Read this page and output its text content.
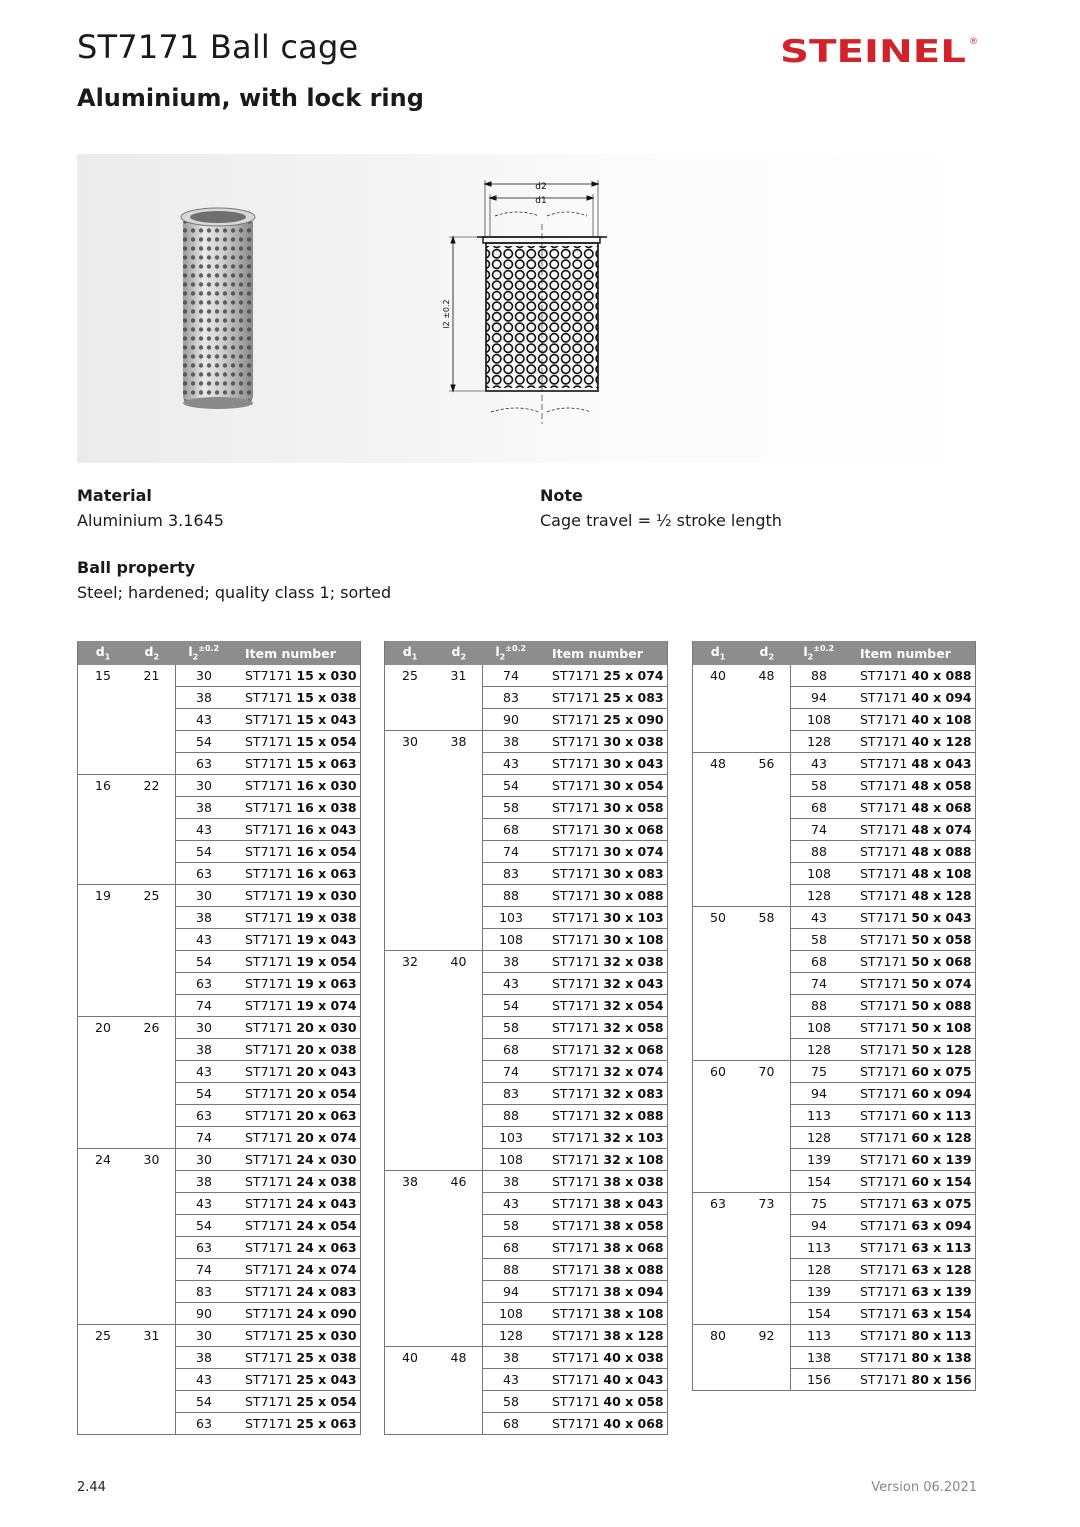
ST7171 Ball cage
Aluminium, with lock ring
STEINEL ®
d2
d1
l2 ±0.2

Material

Aluminium 3.1645

Ball property

Steel; hardened; quality class 1; sorted

Note

Cage travel = ½ stroke length

$d_1$	$d_2$	$l_2^{\pm 0.2}$	Item number
15	21	30	ST7171 15 x 030
		38	ST7171 15 x 038
		43	ST7171 15 x 043
		54	ST7171 15 x 054
		63	ST7171 15 x 063
16	22	30	ST7171 16 x 030
		38	ST7171 16 x 038
		43	ST7171 16 x 043
		54	ST7171 16 x 054
		63	ST7171 16 x 063
19	25	30	ST7171 19 x 030
		38	ST7171 19 x 038
		43	ST7171 19 x 043
		54	ST7171 19 x 054
		63	ST7171 19 x 063
		74	ST7171 19 x 074
20	26	30	ST7171 20 x 030
		38	ST7171 20 x 038
		43	ST7171 20 x 043
		54	ST7171 20 x 054
		63	ST7171 20 x 063
		74	ST7171 20 x 074
24	30	30	ST7171 24 x 030
		38	ST7171 24 x 038
		43	ST7171 24 x 043
		54	ST7171 24 x 054
		63	ST7171 24 x 063
		74	ST7171 24 x 074
		83	ST7171 24 x 083
		90	ST7171 24 x 090
25	31	30	ST7171 25 x 030
		38	ST7171 25 x 038
		43	ST7171 25 x 043
		54	ST7171 25 x 054
		63	ST7171 25 x 063
$d_1$	$d_2$	$l_2^{\pm 0.2}$	Item number
25	31	74	ST7171 25 x 074
		83	ST7171 25 x 083
		90	ST7171 25 x 090
30	38	38	ST7171 30 x 038
		43	ST7171 30 x 043
		54	ST7171 30 x 054
		58	ST7171 30 x 058
		68	ST7171 30 x 068
		74	ST7171 30 x 074
		83	ST7171 30 x 083
		88	ST7171 30 x 088
		103	ST7171 30 x 103
		108	ST7171 30 x 108
32	40	38	ST7171 32 x 038
		43	ST7171 32 x 043
		54	ST7171 32 x 054
		58	ST7171 32 x 058
		68	ST7171 32 x 068
		74	ST7171 32 x 074
		83	ST7171 32 x 083
		88	ST7171 32 x 088
		103	ST7171 32 x 103
		108	ST7171 32 x 108
38	46	38	ST7171 38 x 038
		43	ST7171 38 x 043
		58	ST7171 38 x 058
		68	ST7171 38 x 068
		88	ST7171 38 x 088
		94	ST7171 38 x 094
		108	ST7171 38 x 108
		128	ST7171 38 x 128
40	48	38	ST7171 40 x 038
		43	ST7171 40 x 043
		58	ST7171 40 x 058
		68	ST7171 40 x 068
$d_1$	$d_2$	$l_2^{\pm 0.2}$	Item number
40	48	88	ST7171 40 x 088
		94	ST7171 40 x 094
		108	ST7171 40 x 108
		128	ST7171 40 x 128
48	56	43	ST7171 48 x 043
		58	ST7171 48 x 058
		68	ST7171 48 x 068
		74	ST7171 48 x 074
		88	ST7171 48 x 088
		108	ST7171 48 x 108
		128	ST7171 48 x 128
50	58	43	ST7171 50 x 043
		58	ST7171 50 x 058
		68	ST7171 50 x 068
		74	ST7171 50 x 074
		88	ST7171 50 x 088
		108	ST7171 50 x 108
		128	ST7171 50 x 128
60	70	75	ST7171 60 x 075
		94	ST7171 60 x 094
		113	ST7171 60 x 113
		128	ST7171 60 x 128
		139	ST7171 60 x 139
		154	ST7171 60 x 154
63	73	75	ST7171 63 x 075
		94	ST7171 63 x 094
		113	ST7171 63 x 113
		128	ST7171 63 x 128
		139	ST7171 63 x 139
		154	ST7171 63 x 154
80	92	113	ST7171 80 x 113
		138	ST7171 80 x 138
		156	ST7171 80 x 156
2.44	Version 06.2021
